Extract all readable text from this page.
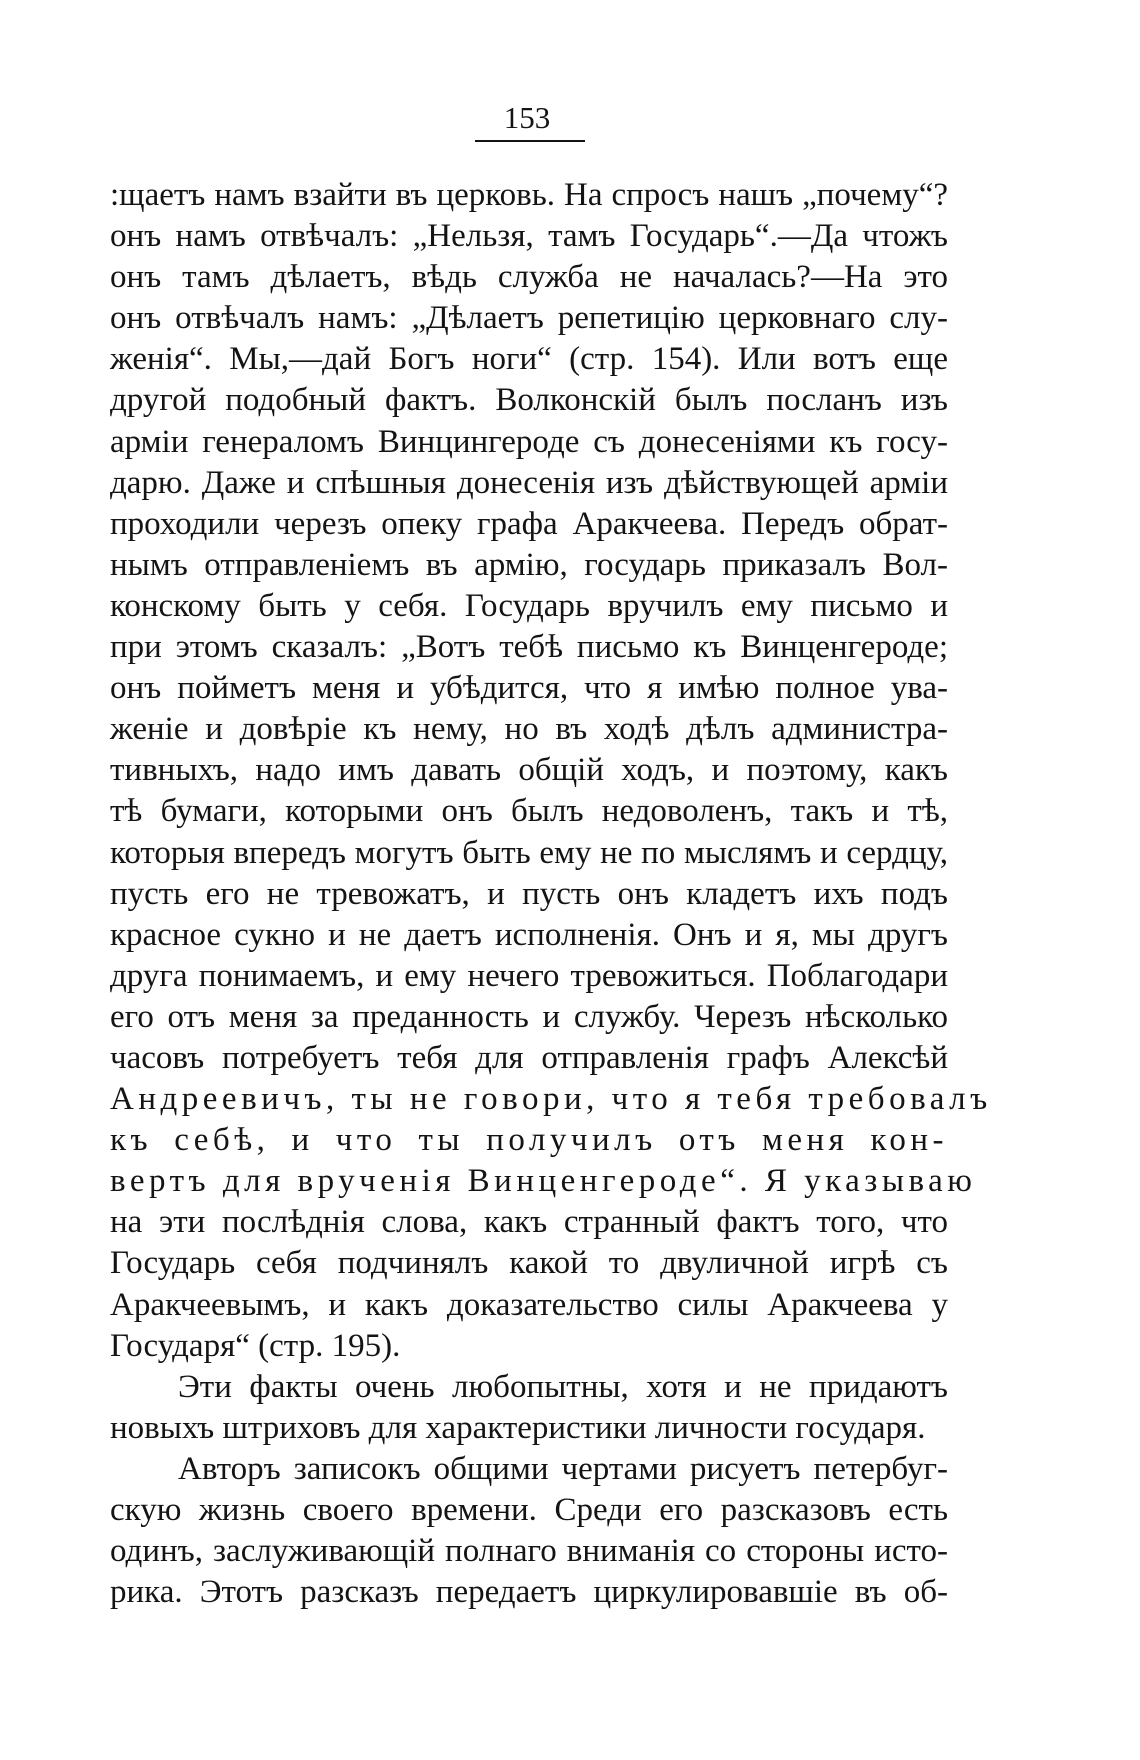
153
:щаетъ намъ взайти въ церковь. На спросъ нашъ „почему“?
онъ намъ отвѣчалъ: „Нельзя, тамъ Государь“.—Да чтожъ
онъ тамъ дѣлаетъ, вѣдь служба не началась?—На это
онъ отвѣчалъ намъ: „Дѣлаетъ репетицію церковнаго слу-
женія“. Мы,—дай Богъ ноги“ (стр. 154). Или вотъ еще
другой подобный фактъ. Волконскій былъ посланъ изъ
арміи генераломъ Винцингероде съ донесеніями къ госу-
дарю. Даже и спѣшныя донесенія изъ дѣйствующей арміи
проходили черезъ опеку графа Аракчеева. Передъ обрат-
нымъ отправленіемъ въ армію, государь приказалъ Вол-
конскому быть у себя. Государь вручилъ ему письмо и
при этомъ сказалъ: „Вотъ тебѣ письмо къ Винценгероде;
онъ пойметъ меня и убѣдится, что я имѣю полное ува-
женіе и довѣріе къ нему, но въ ходѣ дѣлъ администра-
тивныхъ, надо имъ давать общій ходъ, и поэтому, какъ
тѣ бумаги, которыми онъ былъ недоволенъ, такъ и тѣ,
которыя впередъ могутъ быть ему не по мыслямъ и сердцу,
пусть его не тревожатъ, и пусть онъ кладетъ ихъ подъ
красное сукно и не даетъ исполненія. Онъ и я, мы другъ
друга понимаемъ, и ему нечего тревожиться. Поблагодари
его отъ меня за преданность и службу. Черезъ нѣсколько
часовъ потребуетъ тебя для отправленія графъ Алексѣй
Андреевичъ, ты не говори, что я тебя требовалъ
къ себѣ, и что ты получилъ отъ меня кон-
вертъ для врученія Винценгероде“. Я указываю
на эти послѣднія слова, какъ странный фактъ того, что
Государь себя подчинялъ какой то двуличной игрѣ съ
Аракчеевымъ, и какъ доказательство силы Аракчеева у
Государя“ (стр. 195).
Эти факты очень любопытны, хотя и не придаютъ
новыхъ штриховъ для характеристики личности государя.
Авторъ записокъ общими чертами рисуетъ петербуг-
скую жизнь своего времени. Среди его разсказовъ есть
одинъ, заслуживающій полнаго вниманія со стороны исто-
рика. Этотъ разсказъ передаетъ циркулировавшіе въ об-
